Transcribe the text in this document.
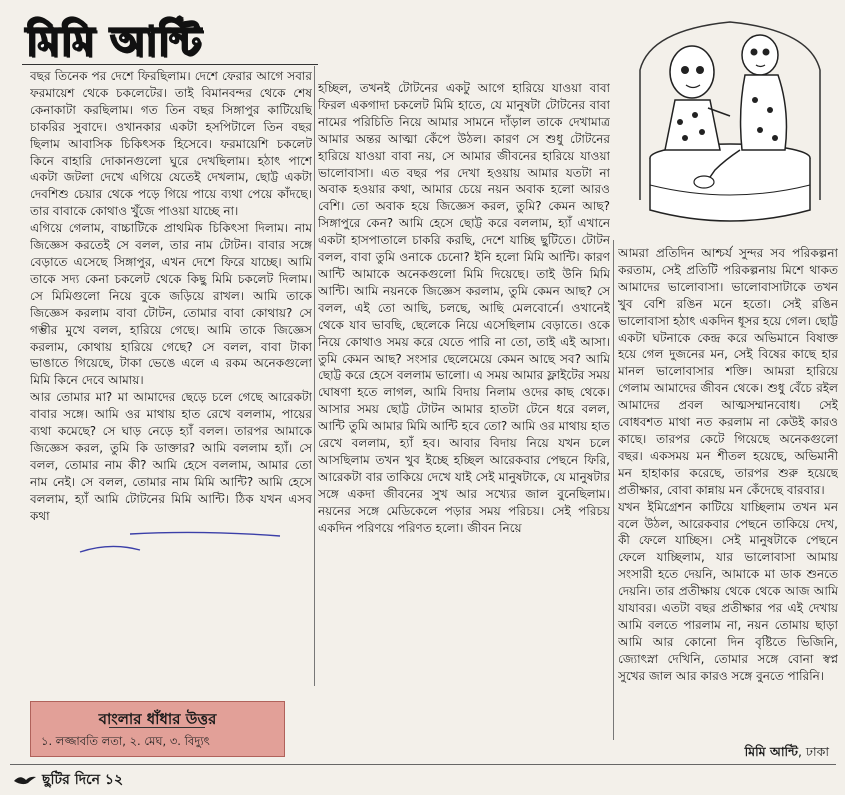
মিমি আন্টি
বছর তিনেক পর দেশে ফিরছিলাম। দেশে ফেরার আগে সবার ফরমায়েশ থেকে চকলেটের। তাই বিমানবন্দর থেকে শেষ কেনাকাটা করছিলাম। গত তিন বছর সিঙ্গাপুর কাটিয়েছি চাকরির সুবাদে। ওখানকার একটা হসপিটালে তিন বছর ছিলাম আবাসিক চিকিৎসক হিসেবে। ফরমায়েশি চকলেট কিনে বাহারি দোকানগুলো ঘুরে দেখছিলাম। হঠাৎ পাশে একটা জটলা দেখে এগিয়ে যেতেই দেখলাম, ছোট্ট একটা দেবশিশু চেয়ার থেকে পড়ে গিয়ে পায়ে ব্যথা পেয়ে কাঁদছে। তার বাবাকে কোথাও খুঁজে পাওয়া যাচ্ছে না।
এগিয়ে গেলাম, বাচ্চাটিকে প্রাথমিক চিকিৎসা দিলাম। নাম জিজ্ঞেস করতেই সে বলল, তার নাম টোটন। বাবার সঙ্গে বেড়াতে এসেছে সিঙ্গাপুর, এখন দেশে ফিরে যাচ্ছে। আমি তাকে সদ্য কেনা চকলেট থেকে কিছু মিমি চকলেট দিলাম। সে মিমিগুলো নিয়ে বুকে জড়িয়ে রাখল। আমি তাকে জিজ্ঞেস করলাম বাবা টোটন, তোমার বাবা কোথায়? সে গম্ভীর মুখে বলল, হারিয়ে গেছে। আমি তাকে জিজ্ঞেস করলাম, কোথায় হারিয়ে গেছে? সে বলল, বাবা টাকা ভাঙাতে গিয়েছে, টাকা ভেঙে এলে এ রকম অনেকগুলো মিমি কিনে দেবে আমায়।
আর তোমার মা? মা আমাদের ছেড়ে চলে গেছে আরেকটা বাবার সঙ্গে। আমি ওর মাথায় হাত রেখে বললাম, পায়ের ব্যথা কমেছে? সে ঘাড় নেড়ে হ্যাঁ বলল। তারপর আমাকে জিজ্ঞেস করল, তুমি কি ডাক্তার? আমি বললাম হ্যাঁ। সে বলল, তোমার নাম কী? আমি হেসে বললাম, আমার তো নাম নেই। সে বলল, তোমার নাম মিমি আন্টি? আমি হেসে বললাম, হ্যাঁ আমি টোটনের মিমি আন্টি। ঠিক যখন এসব কথা
হচ্ছিল, তখনই টোটনের একটু আগে হারিয়ে যাওয়া বাবা ফিরল একগাদা চকলেট মিমি হাতে, যে মানুষটা টোটনের বাবা নামের পরিচিতি নিয়ে আমার সামনে দাঁড়াল তাকে দেখামাত্র আমার অন্তর আত্মা কেঁপে উঠল। কারণ সে শুধু টোটনের হারিয়ে যাওয়া বাবা নয়, সে আমার জীবনের হারিয়ে যাওয়া ভালোবাসা। এত বছর পর দেখা হওয়ায় আমার যতটা না অবাক হওয়ার কথা, আমার চেয়ে নয়ন অবাক হলো আরও বেশি। তো অবাক হয়ে জিজ্ঞেস করল, তুমি? কেমন আছ? সিঙ্গাপুরে কেন? আমি হেসে ছোট্ট করে বললাম, হ্যাঁ এখানে একটা হাসপাতালে চাকরি করছি, দেশে যাচ্ছি ছুটিতে। টোটন বলল, বাবা তুমি ওনাকে চেনো? ইনি হলো মিমি আন্টি। কারণ আন্টি আমাকে অনেকগুলো মিমি দিয়েছে। তাই উনি মিমি আন্টি। আমি নয়নকে জিজ্ঞেস করলাম, তুমি কেমন আছ? সে বলল, এই তো আছি, চলছে, আছি মেলবোর্নে। ওখানেই থেকে যাব ভাবছি, ছেলেকে নিয়ে এসেছিলাম বেড়াতে। ওকে নিয়ে কোথাও সময় করে যেতে পারি না তো, তাই এই আসা। তুমি কেমন আছ? সংসার ছেলেমেয়ে কেমন আছে সব? আমি ছোট্ট করে হেসে বললাম ভালো। এ সময় আমার ফ্লাইটের সময় ঘোষণা হতে লাগল, আমি বিদায় নিলাম ওদের কাছ থেকে। আসার সময় ছোট্ট টোটন আমার হাতটা টেনে ধরে বলল, আন্টি তুমি আমার মিমি আন্টি হবে তো? আমি ওর মাথায় হাত রেখে বললাম, হ্যাঁ হব। আবার বিদায় নিয়ে যখন চলে আসছিলাম তখন খুব ইচ্ছে হচ্ছিল আরেকবার পেছনে ফিরি, আরেকটা বার তাকিয়ে দেখে যাই সেই মানুষটাকে, যে মানুষটার সঙ্গে একদা জীবনের সুখ আর সখ্যের জাল বুনেছিলাম। নয়নের সঙ্গে মেডিকেলে পড়ার সময় পরিচয়। সেই পরিচয় একদিন পরিণয়ে পরিণত হলো। জীবন নিয়ে
আমরা প্রতিদিন আশ্চর্য সুন্দর সব পরিকল্পনা করতাম, সেই প্রতিটি পরিকল্পনায় মিশে থাকত আমাদের ভালোবাসা। ভালোবাসাটাকে তখন খুব বেশি রঙিন মনে হতো। সেই রঙিন ভালোবাসা হঠাৎ একদিন ধূসর হয়ে গেল। ছোট্ট একটা ঘটনাকে কেন্দ্র করে অভিমানে বিষাক্ত হয়ে গেল দুজনের মন, সেই বিষের কাছে হার মানল ভালোবাসার শক্তি। আমরা হারিয়ে গেলাম আমাদের জীবন থেকে। শুধু বেঁচে রইল আমাদের প্রবল আত্মসম্মানবোধ। সেই বোধবশত মাথা নত করলাম না কেউই কারও কাছে। তারপর কেটে গিয়েছে অনেকগুলো বছর। একসময় মন শীতল হয়েছে, অভিমানী মন হাহাকার করেছে, তারপর শুরু হয়েছে প্রতীক্ষার, বোবা কান্নায় মন কেঁদেছে বারবার।
যখন ইমিগ্রেশন কাটিয়ে যাচ্ছিলাম তখন মন বলে উঠল, আরেকবার পেছনে তাকিয়ে দেখ, কী ফেলে যাচ্ছিস। সেই মানুষটাকে পেছনে ফেলে যাচ্ছিলাম, যার ভালোবাসা আমায় সংসারী হতে দেয়নি, আমাকে মা ডাক শুনতে দেয়নি। তার প্রতীক্ষায় থেকে থেকে আজ আমি যাযাবর। এতটা বছর প্রতীক্ষার পর এই দেখায় আমি বলতে পারলাম না, নয়ন তোমায় ছাড়া আমি আর কোনো দিন বৃষ্টিতে ভিজিনি, জ্যোৎস্না দেখিনি, তোমার সঙ্গে বোনা স্বপ্ন সুখের জাল আর কারও সঙ্গে বুনতে পারিনি।
বাংলার ধাঁধার উত্তর
১. লজ্জাবতি লতা, ২. মেঘ, ৩. বিদ্যুৎ
মিমি আন্টি, ঢাকা
ছুটির দিনে ১২
